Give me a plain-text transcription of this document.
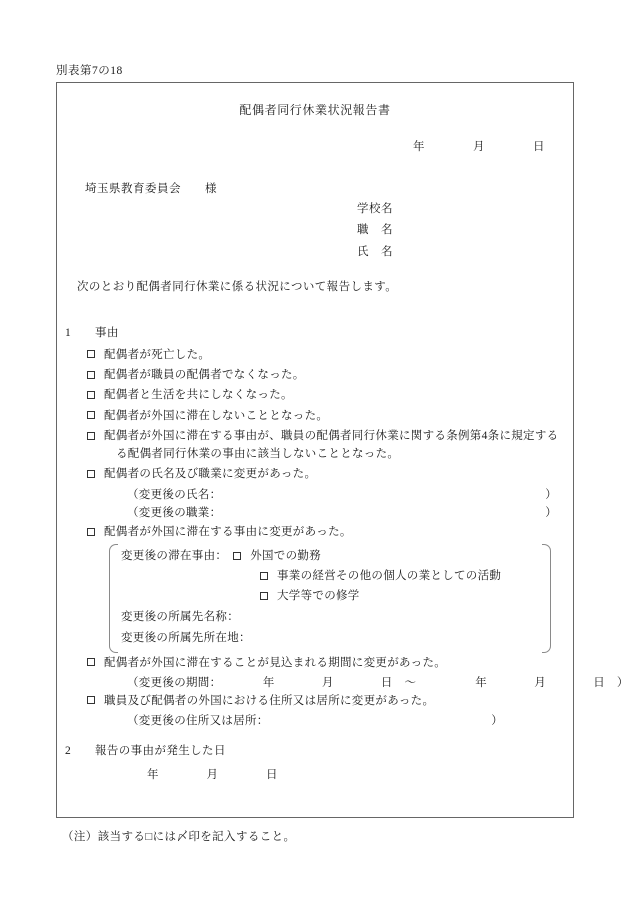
別表第7の18
配偶者同行休業状況報告書
年　　　　月　　　　日
埼玉県教育委員会　　様
学校名
職　名
氏　名
次のとおり配偶者同行休業に係る状況について報告します。
1　　事由
配偶者が死亡した。
配偶者が職員の配偶者でなくなった。
配偶者と生活を共にしなくなった。
配偶者が外国に滞在しないこととなった。
配偶者が外国に滞在する事由が、職員の配偶者同行休業に関する条例第4条に規定する
る配偶者同行休業の事由に該当しないこととなった。
配偶者の氏名及び職業に変更があった。
（変更後の氏名：	）
（変更後の職業：	）
配偶者が外国に滞在する事由に変更があった。
変更後の滞在事由： 外国での勤務
事業の経営その他の個人の業としての活動
大学等での修学
変更後の所属先名称：
変更後の所属先所在地：
配偶者が外国に滞在することが見込まれる期間に変更があった。
（変更後の期間：　　　　年　　　　月　　　　日　～　　　　　年　　　　月　　　　日　）
職員及び配偶者の外国における住所又は居所に変更があった。
（変更後の住所又は居所：	）
2　　報告の事由が発生した日
年　　　　月　　　　日
（注）該当する□には〆印を記入すること。
